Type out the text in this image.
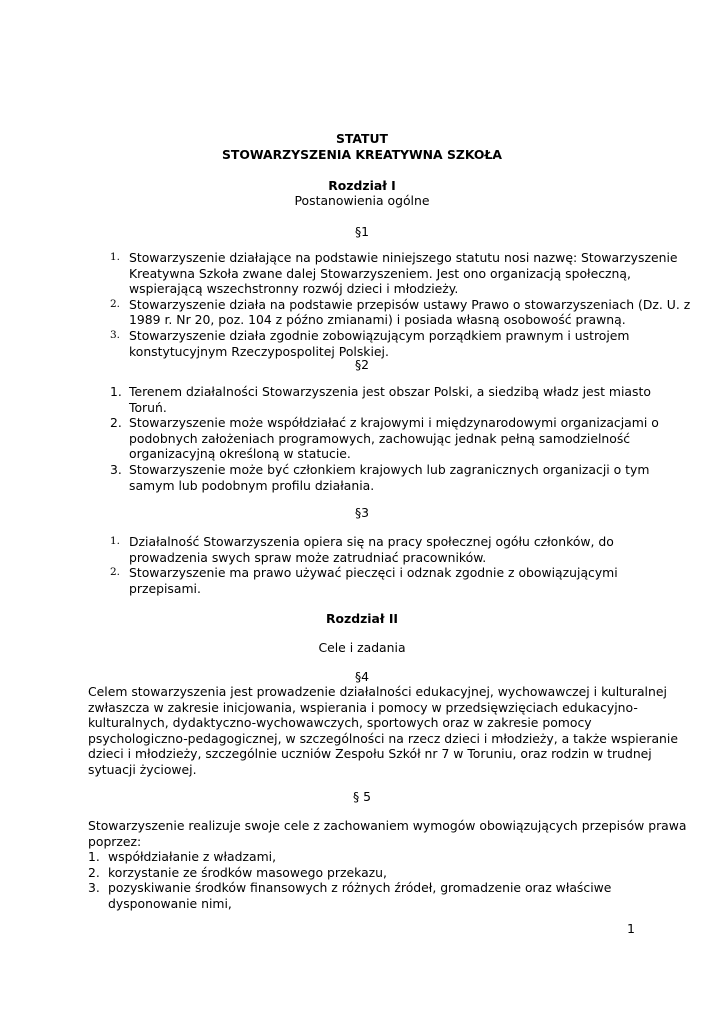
STATUT
STOWARZYSZENIA KREATYWNA SZKOŁA
Rozdział I
Postanowienia ogólne
§1
1. Stowarzyszenie działające na podstawie niniejszego statutu nosi nazwę: Stowarzyszenie Kreatywna Szkoła zwane dalej Stowarzyszeniem. Jest ono organizacją społeczną, wspierającą wszechstronny rozwój dzieci i młodzieży.
2. Stowarzyszenie działa na podstawie przepisów ustawy Prawo o stowarzyszeniach (Dz. U. z 1989 r. Nr 20, poz. 104 z późno zmianami) i posiada własną osobowość prawną.
3. Stowarzyszenie działa zgodnie zobowiązującym porządkiem prawnym i ustrojem konstytucyjnym Rzeczypospolitej Polskiej.
§2
1. Terenem działalności Stowarzyszenia jest obszar Polski, a siedzibą władz jest miasto Toruń.
2. Stowarzyszenie może współdziałać z krajowymi i międzynarodowymi organizacjami o podobnych założeniach programowych, zachowując jednak pełną samodzielność organizacyjną określoną w statucie.
3. Stowarzyszenie może być członkiem krajowych lub zagranicznych organizacji o tym samym lub podobnym profilu działania.
§3
1. Działalność Stowarzyszenia opiera się na pracy społecznej ogółu członków, do prowadzenia swych spraw może zatrudniać pracowników.
2. Stowarzyszenie ma prawo używać pieczęci i odznak zgodnie z obowiązującymi przepisami.
Rozdział II
Cele i zadania
§4
Celem stowarzyszenia jest prowadzenie działalności edukacyjnej, wychowawczej i kulturalnej zwłaszcza w zakresie inicjowania, wspierania i pomocy w przedsięwzięciach edukacyjno-kulturalnych, dydaktyczno-wychowawczych, sportowych oraz w zakresie pomocy psychologiczno-pedagogicznej, w szczególności na rzecz dzieci i młodzieży, a także wspieranie dzieci i młodzieży, szczególnie uczniów Zespołu Szkół nr 7 w Toruniu, oraz rodzin w trudnej sytuacji życiowej.
§ 5
Stowarzyszenie realizuje swoje cele z zachowaniem wymogów obowiązujących przepisów prawa poprzez:
1. współdziałanie z władzami,
2. korzystanie ze środków masowego przekazu,
3. pozyskiwanie środków finansowych z różnych źródeł, gromadzenie oraz właściwe dysponowanie nimi,
1
